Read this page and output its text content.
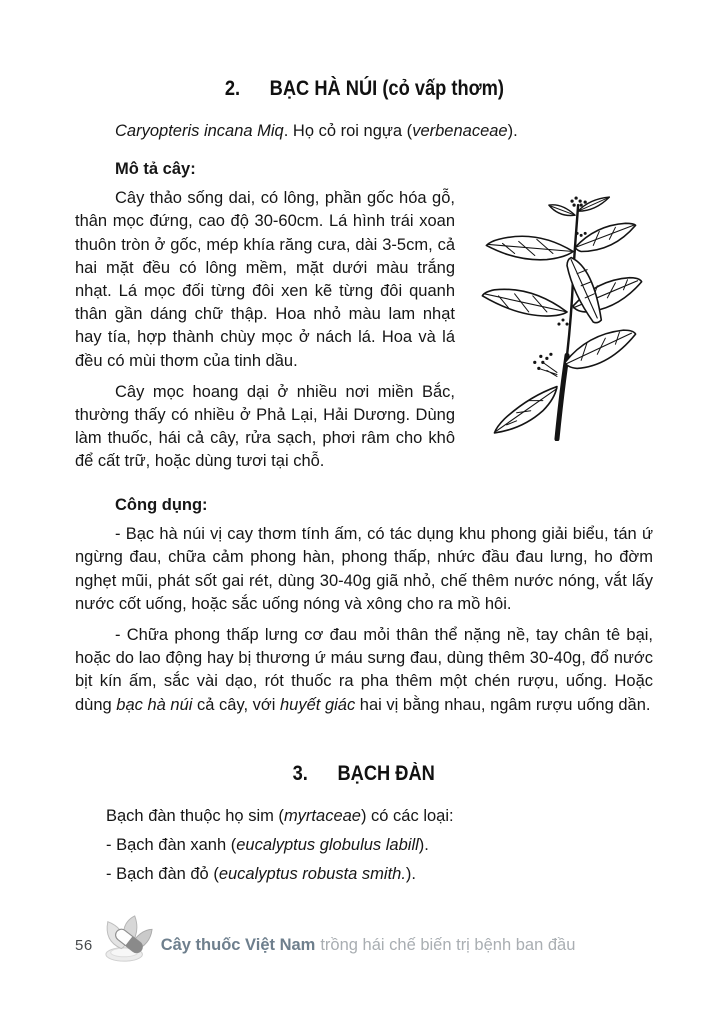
2. BẠC HÀ NÚI (cỏ vấp thơm)

Caryopteris incana Miq. Họ cỏ roi ngựa (verbenaceae).

Mô tả cây:

Cây thảo sống dai, có lông, phần gốc hóa gỗ, thân mọc đứng, cao độ 30-60cm. Lá hình trái xoan thuôn tròn ở gốc, mép khía răng cưa, dài 3-5cm, cả hai mặt đều có lông mềm, mặt dưới màu trắng nhạt. Lá mọc đối từng đôi xen kẽ từng đôi quanh thân gần dáng chữ thập. Hoa nhỏ màu lam nhạt hay tía, hợp thành chùy mọc ở nách lá. Hoa và lá đều có mùi thơm của tinh dầu.

Cây mọc hoang dại ở nhiều nơi miền Bắc, thường thấy có nhiều ở Phả Lại, Hải Dương. Dùng làm thuốc, hái cả cây, rửa sạch, phơi râm cho khô để cất trữ, hoặc dùng tươi tại chỗ.

Công dụng:

- Bạc hà núi vị cay thơm tính ấm, có tác dụng khu phong giải biểu, tán ứ ngừng đau, chữa cảm phong hàn, phong thấp, nhức đầu đau lưng, ho đờm nghẹt mũi, phát sốt gai rét, dùng 30-40g giã nhỏ, chế thêm nước nóng, vắt lấy nước cốt uống, hoặc sắc uống nóng và xông cho ra mồ hôi.

- Chữa phong thấp lưng cơ đau mỏi thân thể nặng nề, tay chân tê bại, hoặc do lao động hay bị thương ứ máu sưng đau, dùng thêm 30-40g, đổ nước bịt kín ấm, sắc vài dạo, rót thuốc ra pha thêm một chén rượu, uống. Hoặc dùng bạc hà núi cả cây, với huyết giác hai vị bằng nhau, ngâm rượu uống dần.

3. BẠCH ĐÀN

Bạch đàn thuộc họ sim (myrtaceae) có các loại:

- Bạch đàn xanh (eucalyptus globulus labill).

- Bạch đàn đỏ (eucalyptus robusta smith.).

56	Cây thuốc Việt Nam trồng hái chế biến trị bệnh ban đầu
